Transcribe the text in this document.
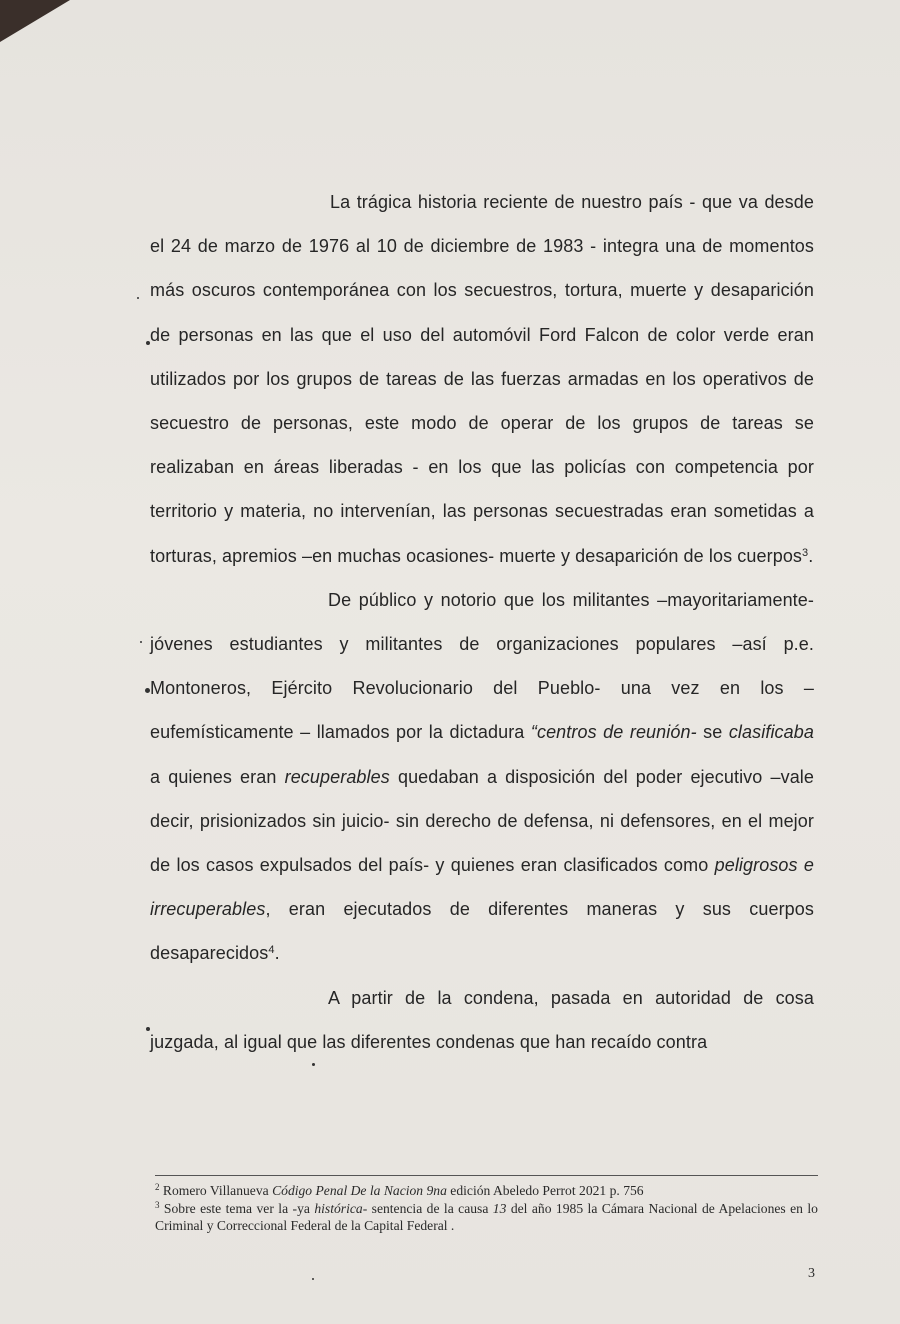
La trágica historia reciente de nuestro país - que va desde el 24 de marzo de 1976 al 10 de diciembre de 1983 - integra una de momentos más oscuros contemporánea con los secuestros, tortura, muerte y desaparición de personas en las que el uso del automóvil Ford Falcon de color verde eran utilizados por los grupos de tareas de las fuerzas armadas en los operativos de secuestro de personas, este modo de operar de los grupos de tareas se realizaban en áreas liberadas - en los que las policías con competencia por territorio y materia, no intervenían, las personas secuestradas eran sometidas a torturas, apremios –en muchas ocasiones- muerte y desaparición de los cuerpos$^3$.

De público y notorio que los militantes –mayoritariamente- jóvenes estudiantes y militantes de organizaciones populares –así p.e. Montoneros, Ejército Revolucionario del Pueblo- una vez en los –eufemísticamente – llamados por la dictadura “centros de reunión- se clasificaba a quienes eran recuperables quedaban a disposición del poder ejecutivo –vale decir, prisionizados sin juicio- sin derecho de defensa, ni defensores, en el mejor de los casos expulsados del país- y quienes eran clasificados como peligrosos e irrecuperables, eran ejecutados de diferentes maneras y sus cuerpos desaparecidos$^4$.

A partir de la condena, pasada en autoridad de cosa juzgada, al igual que las diferentes condenas que han recaído contra

$^2$ Romero Villanueva Código Penal De la Nacion 9na edición Abeledo Perrot 2021 p. 756

$^3$ Sobre este tema ver la -ya histórica- sentencia de la causa 13 del año 1985 la Cámara Nacional de Apelaciones en lo Criminal y Correccional Federal de la Capital Federal .

3
